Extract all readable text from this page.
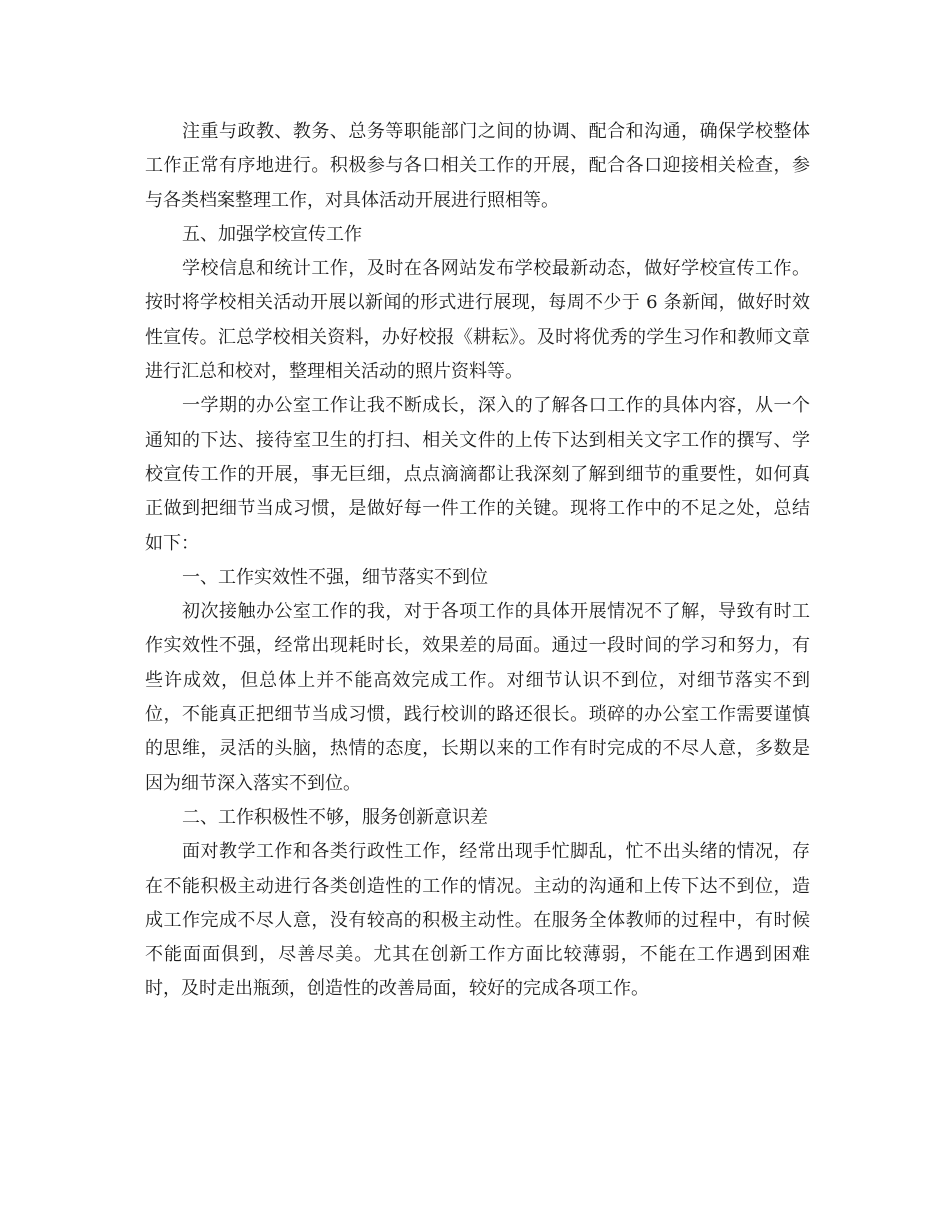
注重与政教、教务、总务等职能部门之间的协调、配合和沟通，确保学校整体工作正常有序地进行。积极参与各口相关工作的开展，配合各口迎接相关检查，参与各类档案整理工作，对具体活动开展进行照相等。

五、加强学校宣传工作

学校信息和统计工作，及时在各网站发布学校最新动态，做好学校宣传工作。按时将学校相关活动开展以新闻的形式进行展现，每周不少于 6 条新闻，做好时效性宣传。汇总学校相关资料，办好校报《耕耘》。及时将优秀的学生习作和教师文章进行汇总和校对，整理相关活动的照片资料等。

一学期的办公室工作让我不断成长，深入的了解各口工作的具体内容，从一个通知的下达、接待室卫生的打扫、相关文件的上传下达到相关文字工作的撰写、学校宣传工作的开展，事无巨细，点点滴滴都让我深刻了解到细节的重要性，如何真正做到把细节当成习惯，是做好每一件工作的关键。现将工作中的不足之处，总结如下：

一、工作实效性不强，细节落实不到位

初次接触办公室工作的我，对于各项工作的具体开展情况不了解，导致有时工作实效性不强，经常出现耗时长，效果差的局面。通过一段时间的学习和努力，有些许成效，但总体上并不能高效完成工作。对细节认识不到位，对细节落实不到位，不能真正把细节当成习惯，践行校训的路还很长。琐碎的办公室工作需要谨慎的思维，灵活的头脑，热情的态度，长期以来的工作有时完成的不尽人意，多数是因为细节深入落实不到位。

二、工作积极性不够，服务创新意识差

面对教学工作和各类行政性工作，经常出现手忙脚乱，忙不出头绪的情况，存在不能积极主动进行各类创造性的工作的情况。主动的沟通和上传下达不到位，造成工作完成不尽人意，没有较高的积极主动性。在服务全体教师的过程中，有时候不能面面俱到，尽善尽美。尤其在创新工作方面比较薄弱，不能在工作遇到困难时，及时走出瓶颈，创造性的改善局面，较好的完成各项工作。
